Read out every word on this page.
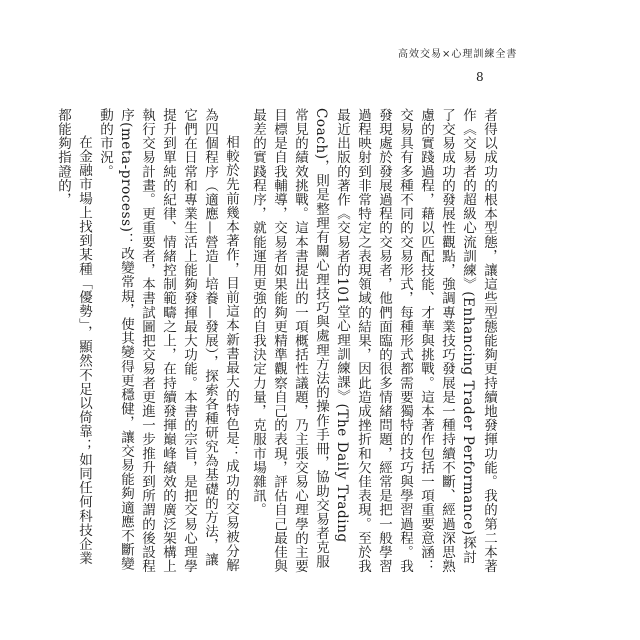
高效交易×心理訓練全書
8

者得以成功的根本型態，讓這些型態能夠更持續地發揮功能。我的第二本著作《交易者的超級心流訓練》(Enhancing Trader Performance)探討了交易成功的發展性觀點，強調專業技巧發展是一種持續不斷、經過深思熟慮的實踐過程，藉以匹配技能、才華與挑戰。這本著作包括一項重要意涵：交易具有多種不同的交易形式，每種形式都需要獨特的技巧與學習過程。我發現處於發展過程的交易者，他們面臨的很多情緒問題，經常是把一般學習過程映射到非常特定之表現領域的結果，因此造成挫折和欠佳表現。至於我最近出版的著作《交易者的101堂心理訓練課》(The Daily Trading Coach)，則是整理有關心理技巧與處理方法的操作手冊，協助交易者克服常見的績效挑戰。這本書提出的一項概括性議題，乃主張交易心理學的主要目標是自我輔導，交易者如果能夠更精準觀察自己的表現，評估自己最佳與最差的實踐程序，就能運用更強的自我決定力量，克服市場雜訊。

相較於先前幾本著作，目前這本新書最大的特色是：成功的交易被分解為四個程序（適應—營造—培養—發展），探索各種研究為基礎的方法，讓它們在日常和專業生活上能夠發揮最大功能。本書的宗旨，是把交易心理學提升到單純的紀律、情緒控制範疇之上，在持續發揮巔峰績效的廣泛架構上執行交易計畫。更重要者，本書試圖把交易者更進一步推升到所謂的後設程序(meta-process)：改變常規，使其變得更穩健，讓交易能夠適應不斷變動的市況。

在金融市場上找到某種「優勢」，顯然不足以倚靠；如同任何科技企業都能夠指證的，
